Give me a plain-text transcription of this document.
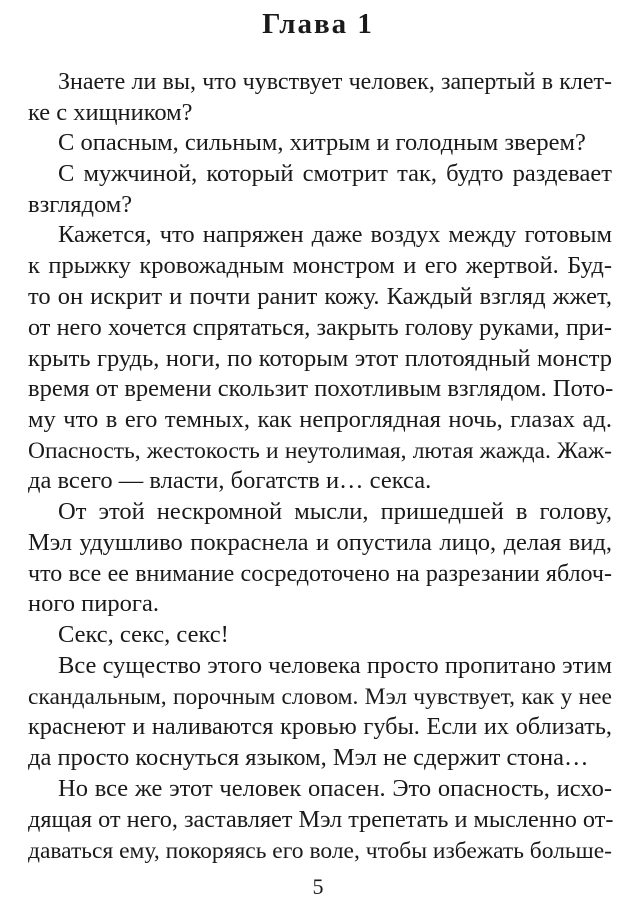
Глава 1
Знаете ли вы, что чувствует человек, запертый в клет-
ке с хищником?
С опасным, сильным, хитрым и голодным зверем?
С мужчиной, который смотрит так, будто раздевает
взглядом?
Кажется, что напряжен даже воздух между готовым
к прыжку кровожадным монстром и его жертвой. Буд-
то он искрит и почти ранит кожу. Каждый взгляд жжет,
от него хочется спрятаться, закрыть голову руками, при-
крыть грудь, ноги, по которым этот плотоядный монстр
время от времени скользит похотливым взглядом. Пото-
му что в его темных, как непроглядная ночь, глазах ад.
Опасность, жестокость и неутолимая, лютая жажда. Жаж-
да всего — власти, богатств и… секса.
От этой нескромной мысли, пришедшей в голову,
Мэл удушливо покраснела и опустила лицо, делая вид,
что все ее внимание сосредоточено на разрезании яблоч-
ного пирога.
Секс, секс, секс!
Все существо этого человека просто пропитано этим
скандальным, порочным словом. Мэл чувствует, как у нее
краснеют и наливаются кровью губы. Если их облизать,
да просто коснуться языком, Мэл не сдержит стона…
Но все же этот человек опасен. Это опасность, исхо-
дящая от него, заставляет Мэл трепетать и мысленно от-
даваться ему, покоряясь его воле, чтобы избежать больше-
5
